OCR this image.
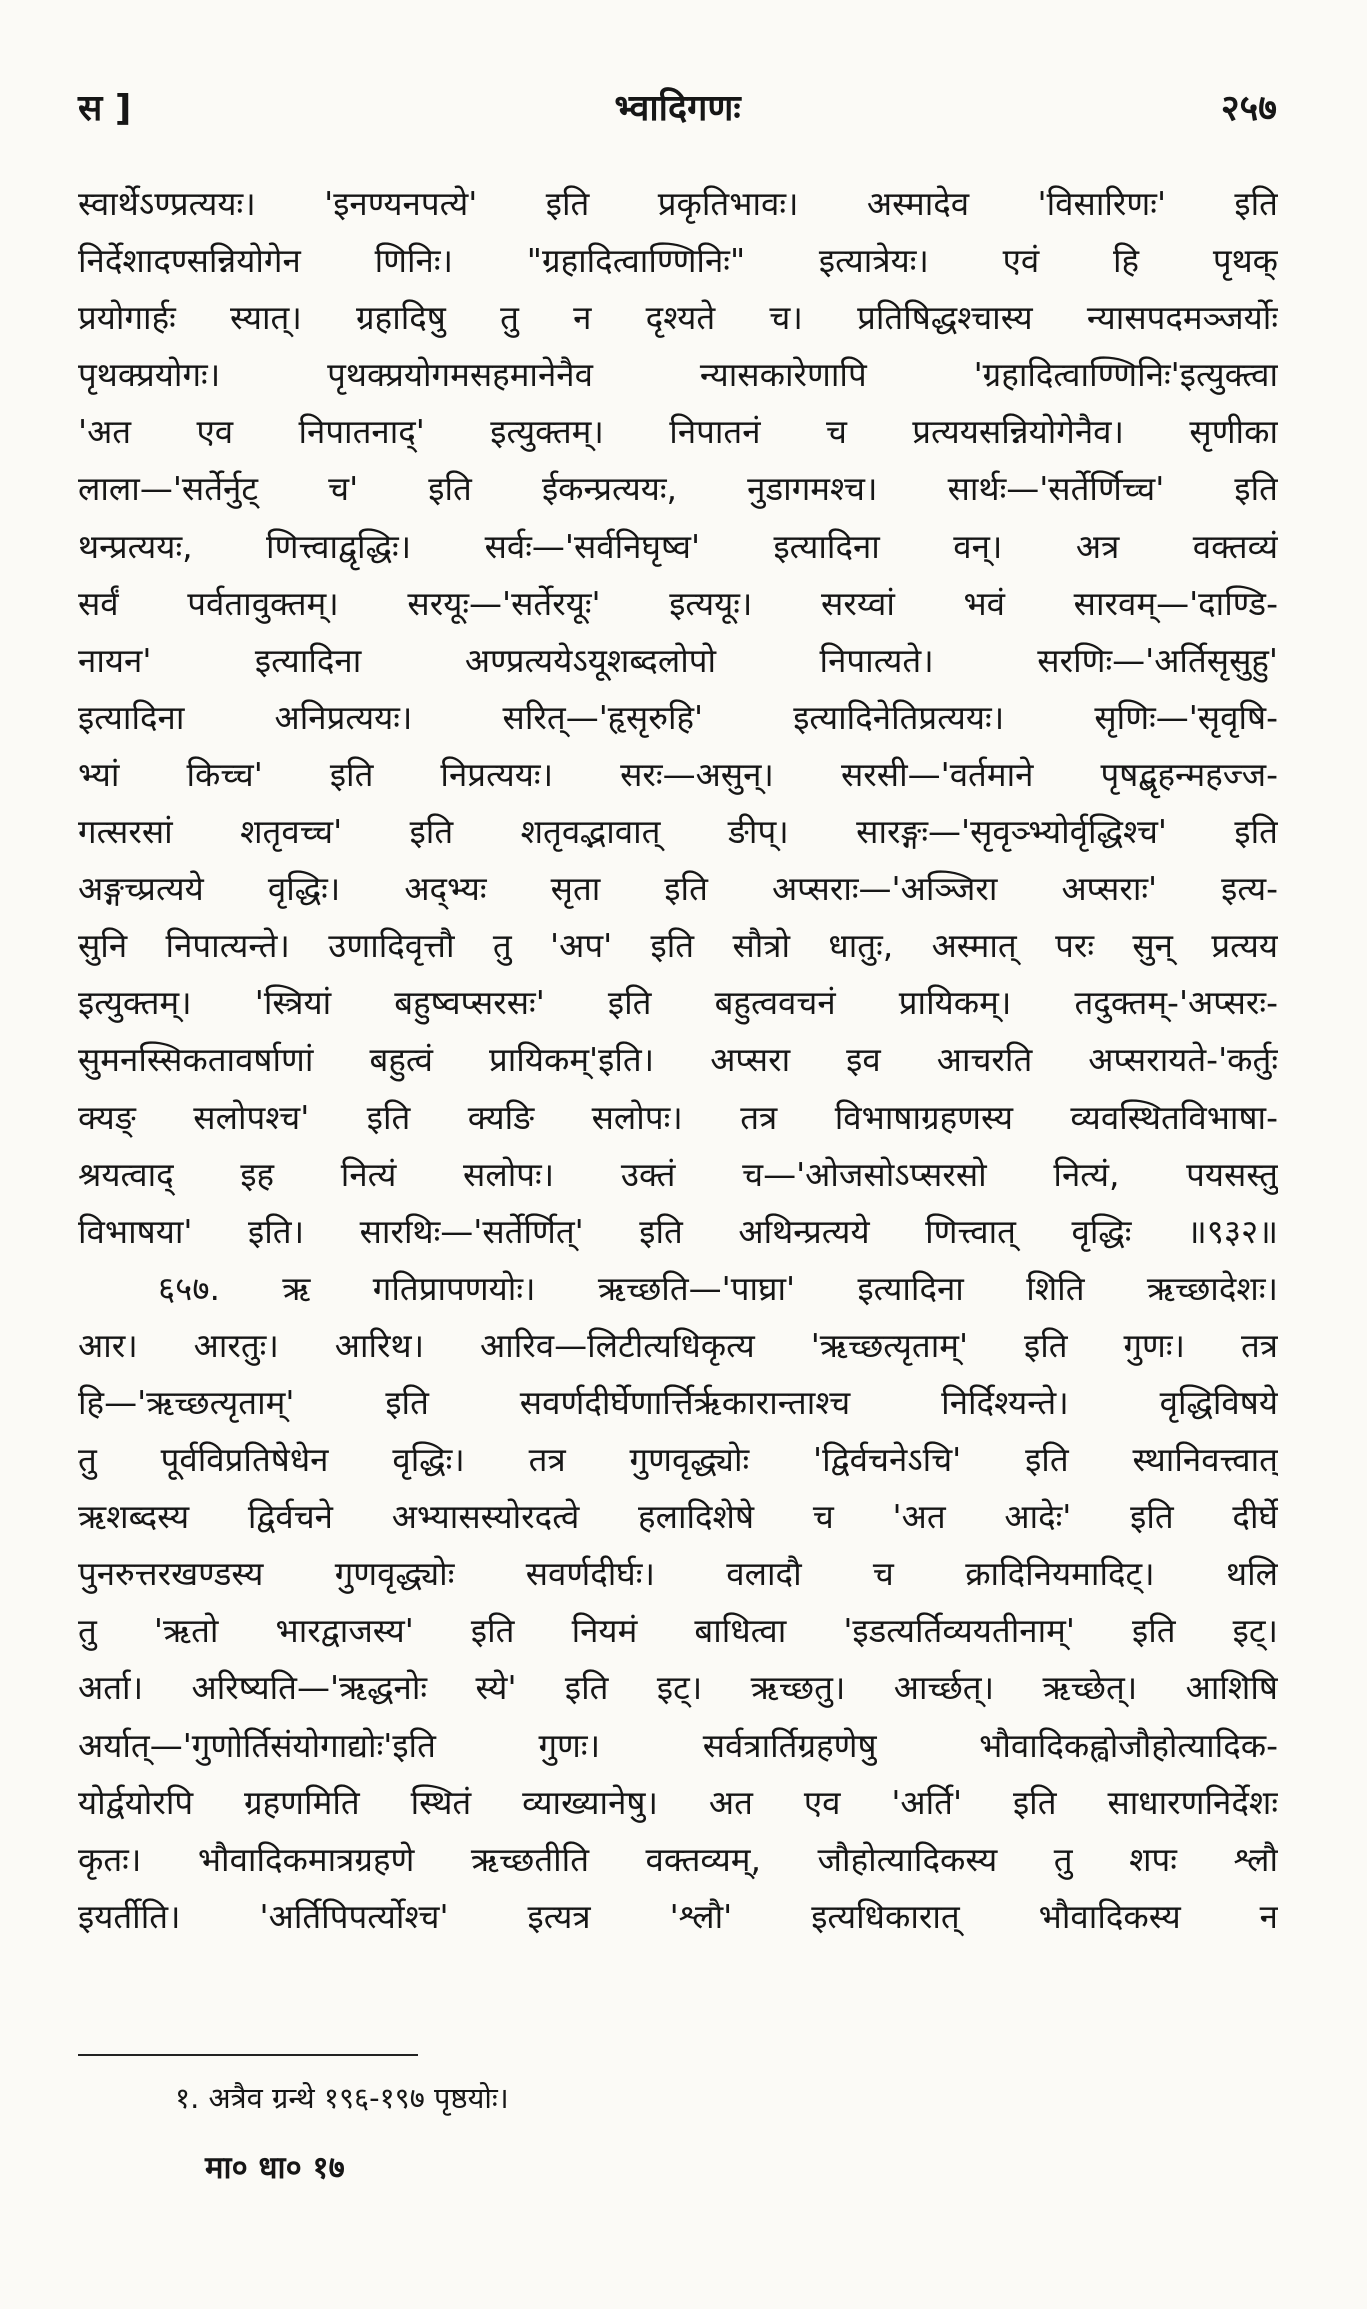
स ]	भ्वादिगणः	२५७

स्वार्थेऽण्प्रत्ययः। 'इनण्यनपत्ये' इति प्रकृतिभावः। अस्मादेव 'विसारिणः' इति
निर्देशादण्सन्नियोगेन णिनिः। "ग्रहादित्वाण्णिनिः" इत्यात्रेयः। एवं हि पृथक्
प्रयोगार्हः स्यात्। ग्रहादिषु तु न दृश्यते च। प्रतिषिद्धश्चास्य न्यासपदमञ्जर्योः
पृथक्प्रयोगः। पृथक्प्रयोगमसहमानेनैव न्यासकारेणापि 'ग्रहादित्वाण्णिनिः'इत्युक्त्वा
'अत एव निपातनाद्' इत्युक्तम्। निपातनं च प्रत्ययसन्नियोगेनैव। सृणीका
लाला—'सर्तेर्नुट् च' इति ईकन्प्रत्ययः, नुडागमश्च। सार्थः—'सर्तेर्णिच्च' इति
थन्प्रत्ययः, णित्त्वाद्वृद्धिः। सर्वः—'सर्वनिघृष्व' इत्यादिना वन्। अत्र वक्तव्यं
सर्वं पर्वतावुक्तम्। सरयूः—'सर्तेरयूः' इत्ययूः। सरय्वां भवं सारवम्—'दाण्डि-
नायन' इत्यादिना अण्प्रत्ययेऽयूशब्दलोपो निपात्यते। सरणिः—'अर्तिसृसुहु'
इत्यादिना अनिप्रत्ययः। सरित्—'हृसृरुहि' इत्यादिनेतिप्रत्ययः। सृणिः—'सृवृषि-
भ्यां किच्च' इति निप्रत्ययः। सरः—असुन्। सरसी—'वर्तमाने पृषद्बृहन्महज्ज-
गत्सरसां शतृवच्च' इति शतृवद्भावात् ङीप्। सारङ्गः—'सृवृञ्भ्योर्वृद्धिश्च' इति
अङ्गच्प्रत्यये वृद्धिः। अद्भ्यः सृता इति अप्सराः—'अञ्जिरा अप्सराः' इत्य-
सुनि निपात्यन्ते। उणादिवृत्तौ तु 'अप' इति सौत्रो धातुः, अस्मात् परः सुन् प्रत्यय
इत्युक्तम्। 'स्त्रियां बहुष्वप्सरसः' इति बहुत्ववचनं प्रायिकम्। तदुक्तम्-'अप्सरः-
सुमनस्सिकतावर्षाणां बहुत्वं प्रायिकम्'इति। अप्सरा इव आचरति अप्सरायते-'कर्तुः
क्यङ् सलोपश्च' इति क्यङि सलोपः। तत्र विभाषाग्रहणस्य व्यवस्थितविभाषा-
श्रयत्वाद् इह नित्यं सलोपः। उक्तं च—'ओजसोऽप्सरसो नित्यं, पयसस्तु
विभाषया' इति। सारथिः—'सर्तेर्णित्' इति अथिन्प्रत्यये णित्त्वात् वृद्धिः ॥९३२॥

६५७. ऋ गतिप्रापणयोः। ऋच्छति—'पाघ्रा' इत्यादिना शिति ऋच्छादेशः।
आर। आरतुः। आरिथ। आरिव—लिटीत्यधिकृत्य 'ऋच्छत्यृताम्' इति गुणः। तत्र
हि—'ऋच्छत्यृताम्' इति सवर्णदीर्घेणार्त्तिर्ऋकारान्ताश्च निर्दिश्यन्ते। वृद्धिविषये
तु पूर्वविप्रतिषेधेन वृद्धिः। तत्र गुणवृद्ध्योः 'द्विर्वचनेऽचि' इति स्थानिवत्त्वात्
ऋशब्दस्य द्विर्वचने अभ्यासस्योरदत्वे हलादिशेषे च 'अत आदेः' इति दीर्घे
पुनरुत्तरखण्डस्य गुणवृद्ध्योः सवर्णदीर्घः। वलादौ च क्रादिनियमादिट्। थलि
तु 'ऋतो भारद्वाजस्य' इति नियमं बाधित्वा 'इडत्यर्तिव्ययतीनाम्' इति इट्।
अर्ता। अरिष्यति—'ऋद्धनोः स्ये' इति इट्। ऋच्छतु। आर्च्छत्। ऋच्छेत्। आशिषि
अर्यात्—'गुणोर्तिसंयोगाद्योः'इति गुणः। सर्वत्रार्तिग्रहणेषु भौवादिकह्वोजौहोत्यादिक-
योर्द्वयोरपि ग्रहणमिति स्थितं व्याख्यानेषु। अत एव 'अर्ति' इति साधारणनिर्देशः
कृतः। भौवादिकमात्रग्रहणे ऋच्छतीति वक्तव्यम्, जौहोत्यादिकस्य तु शपः श्लौ
इयर्तीति। 'अर्तिपिपर्त्योश्च' इत्यत्र 'श्लौ' इत्यधिकारात् भौवादिकस्य न

१. अत्रैव ग्रन्थे १९६-१९७ पृष्ठयोः।
मा० धा० १७
